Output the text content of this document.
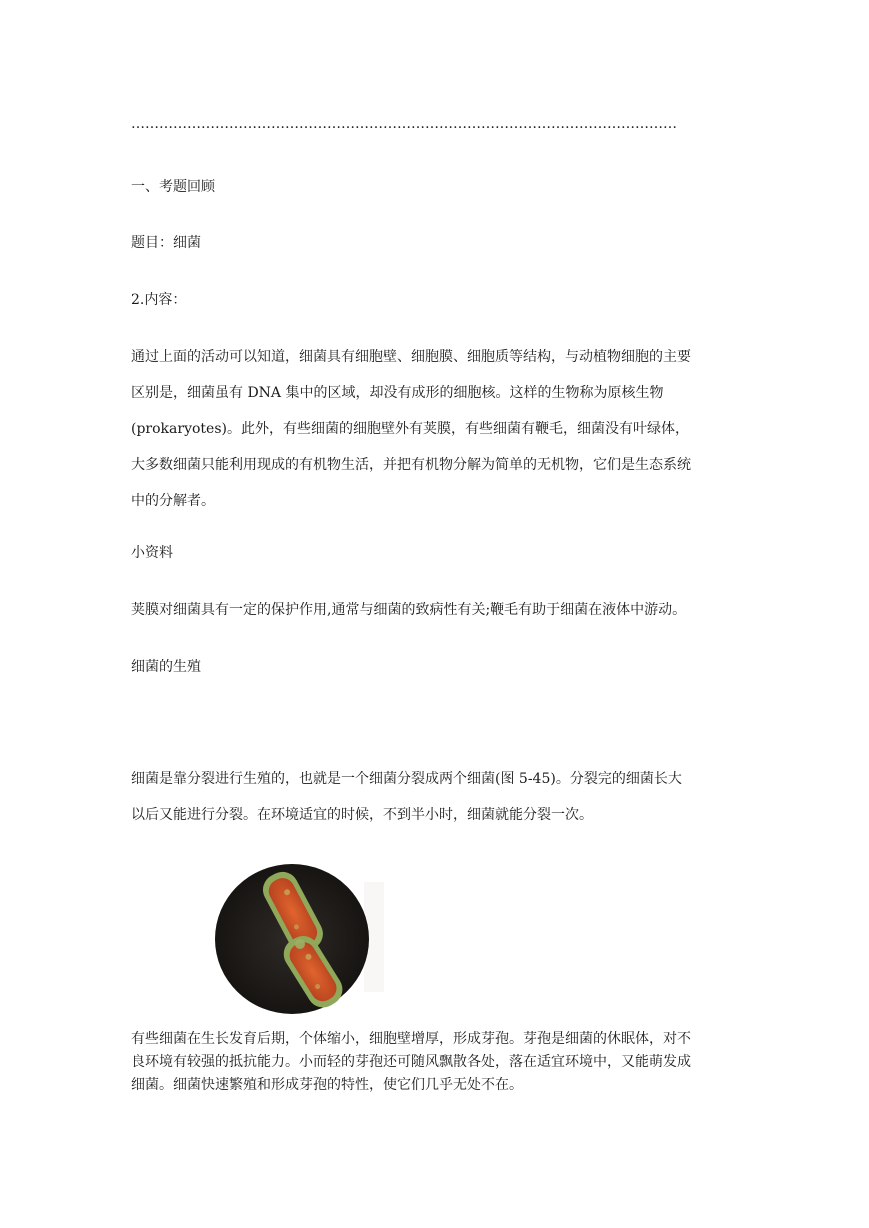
………………………………………………………………………………………………………

一、考题回顾

题目：细菌

2.内容：

通过上面的活动可以知道，细菌具有细胞壁、细胞膜、细胞质等结构，与动植物细胞的主要
区别是，细菌虽有 DNA 集中的区域，却没有成形的细胞核。这样的生物称为原核生物
(prokaryotes)。此外，有些细菌的细胞壁外有荚膜，有些细菌有鞭毛，细菌没有叶绿体，
大多数细菌只能利用现成的有机物生活，并把有机物分解为简单的无机物，它们是生态系统
中的分解者。

小资料

荚膜对细菌具有一定的保护作用,通常与细菌的致病性有关;鞭毛有助于细菌在液体中游动。

细菌的生殖

细菌是靠分裂进行生殖的，也就是一个细菌分裂成两个细菌(图 5-45)。分裂完的细菌长大
以后又能进行分裂。在环境适宜的时候，不到半小时，细菌就能分裂一次。
有些细菌在生长发育后期，个体缩小，细胞壁增厚，形成芽孢。芽孢是细菌的休眠体，对不
良环境有较强的抵抗能力。小而轻的芽孢还可随风飘散各处，落在适宜环境中，又能萌发成
细菌。细菌快速繁殖和形成芽孢的特性，使它们几乎无处不在。
